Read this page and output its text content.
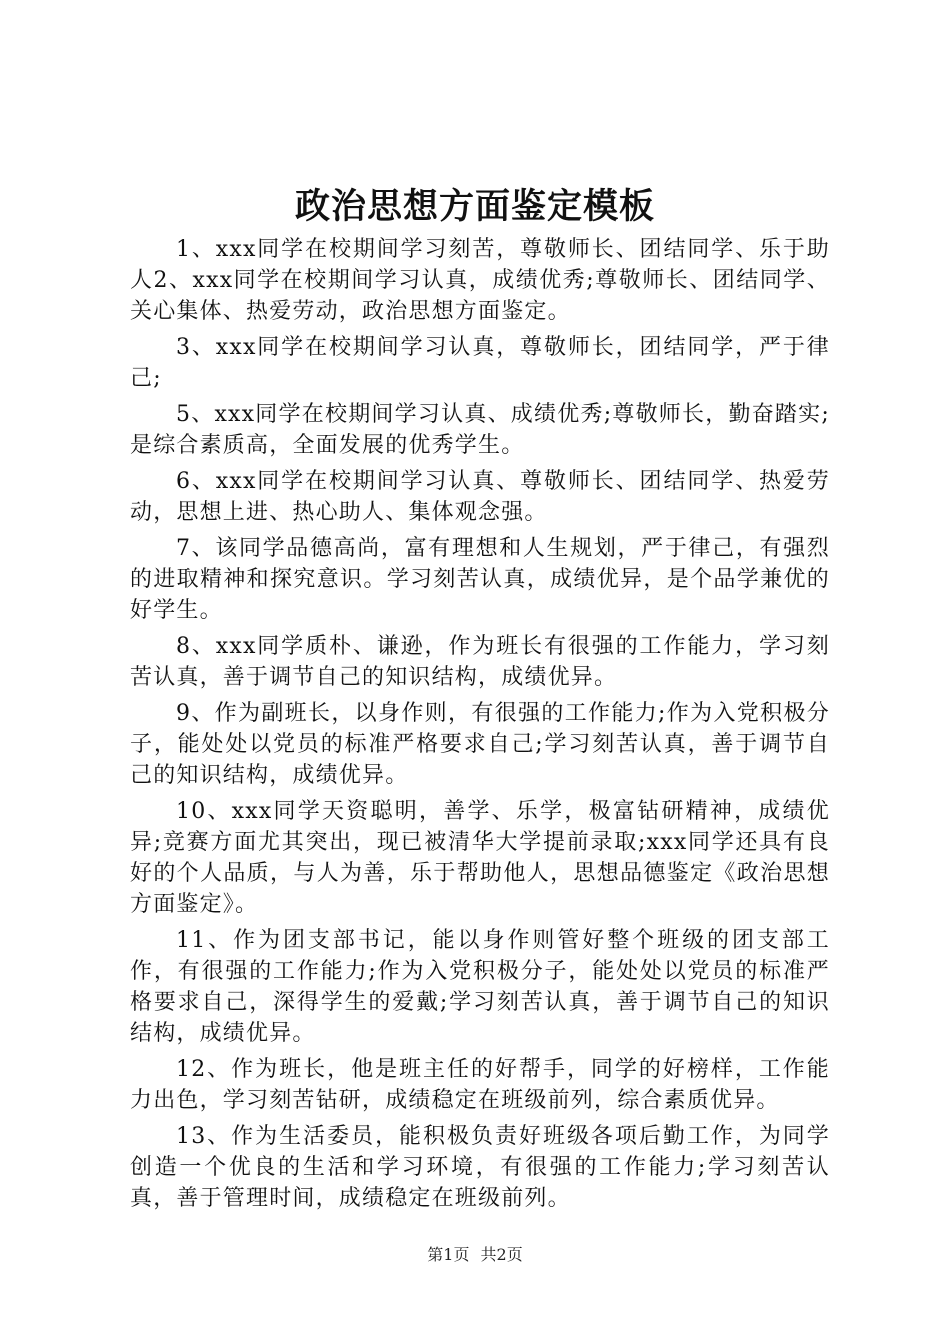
政治思想方面鉴定模板

1、xxx同学在校期间学习刻苦，尊敬师长、团结同学、乐于助人2、xxx同学在校期间学习认真，成绩优秀;尊敬师长、团结同学、关心集体、热爱劳动，政治思想方面鉴定。

3、xxx同学在校期间学习认真，尊敬师长，团结同学，严于律己;

5、xxx同学在校期间学习认真、成绩优秀;尊敬师长，勤奋踏实;是综合素质高，全面发展的优秀学生。

6、xxx同学在校期间学习认真、尊敬师长、团结同学、热爱劳动，思想上进、热心助人、集体观念强。

7、该同学品德高尚，富有理想和人生规划，严于律己，有强烈的进取精神和探究意识。学习刻苦认真，成绩优异，是个品学兼优的好学生。

8、xxx同学质朴、谦逊，作为班长有很强的工作能力，学习刻苦认真，善于调节自己的知识结构，成绩优异。

9、作为副班长，以身作则，有很强的工作能力;作为入党积极分子，能处处以党员的标准严格要求自己;学习刻苦认真，善于调节自己的知识结构，成绩优异。

10、xxx同学天资聪明，善学、乐学，极富钻研精神，成绩优异;竞赛方面尤其突出，现已被清华大学提前录取;xxx同学还具有良好的个人品质，与人为善，乐于帮助他人，思想品德鉴定《政治思想方面鉴定》。

11、作为团支部书记，能以身作则管好整个班级的团支部工作，有很强的工作能力;作为入党积极分子，能处处以党员的标准严格要求自己，深得学生的爱戴;学习刻苦认真，善于调节自己的知识结构，成绩优异。

12、作为班长，他是班主任的好帮手，同学的好榜样，工作能力出色，学习刻苦钻研，成绩稳定在班级前列，综合素质优异。

13、作为生活委员，能积极负责好班级各项后勤工作，为同学创造一个优良的生活和学习环境，有很强的工作能力;学习刻苦认真，善于管理时间，成绩稳定在班级前列。

第1页 共2页
